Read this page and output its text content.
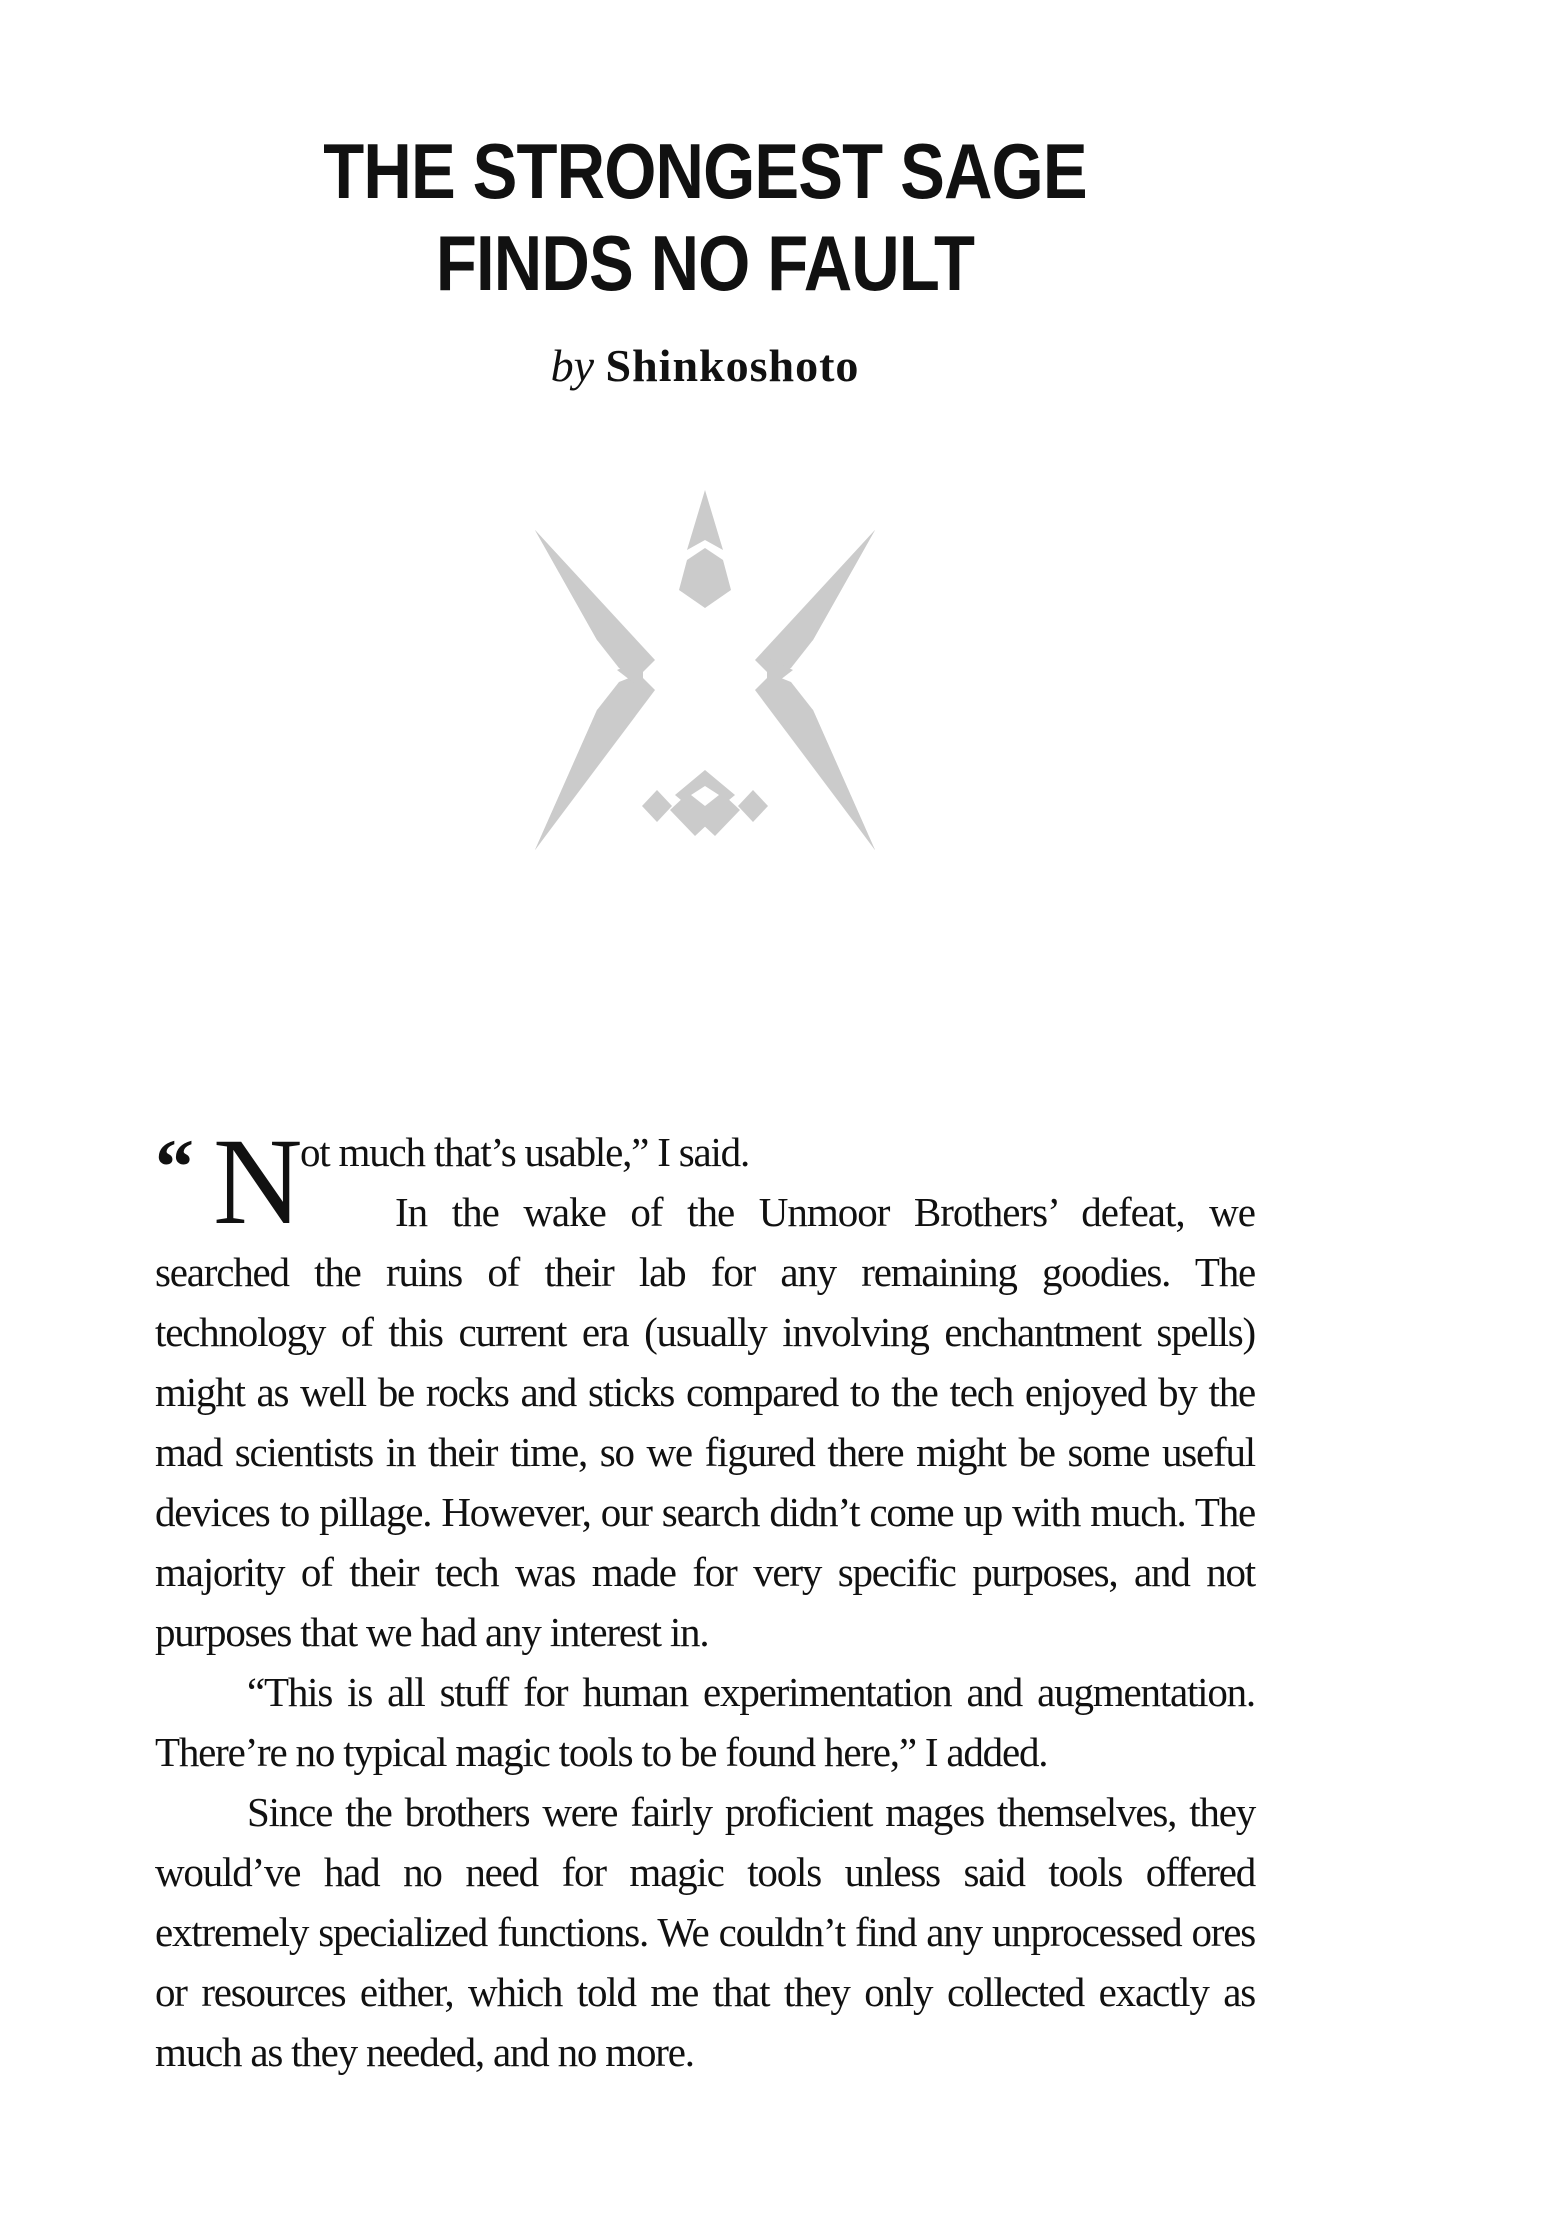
THE STRONGEST SAGE
FINDS NO FAULT
by Shinkoshoto
“ N
ot much that’s usable,” I said.
In the wake of the Unmoor Brothers’ defeat, we

searched the ruins of their lab for any remaining goodies. The technology of this current era (usually involving enchantment spells) might as well be rocks and sticks compared to the tech enjoyed by the mad scientists in their time, so we figured there might be some useful devices to pillage. However, our search didn’t come up with much. The majority of their tech was made for very specific purposes, and not purposes that we had any interest in.

“This is all stuff for human experimentation and augmentation. There’re no typical magic tools to be found here,” I added.

Since the brothers were fairly proficient mages themselves, they would’ve had no need for magic tools unless said tools offered extremely specialized functions. We couldn’t find any unprocessed ores or resources either, which told me that they only collected exactly as much as they needed, and no more.
